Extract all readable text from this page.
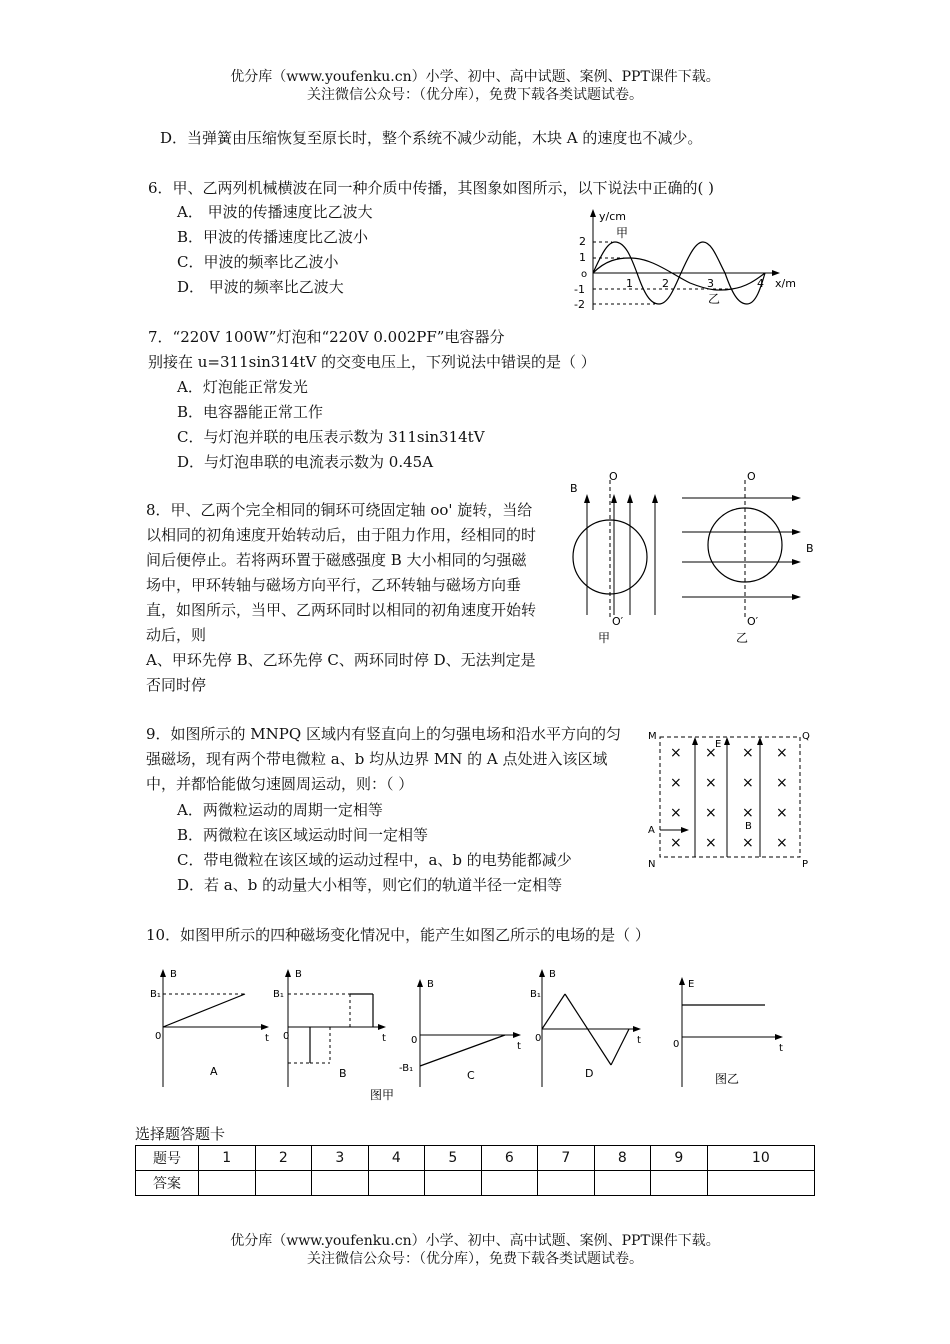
优分库（www.youfenku.cn）小学、初中、高中试题、案例、PPT课件下载。
关注微信公众号：（优分库），免费下载各类试题试卷。
D．当弹簧由压缩恢复至原长时，整个系统不减少动能，木块 A 的速度也不减少。
6．甲、乙两列机械横波在同一种介质中传播，其图象如图所示，以下说法中正确的( )
A． 甲波的传播速度比乙波大
B．甲波的传播速度比乙波小
C．甲波的频率比乙波小
D． 甲波的频率比乙波大
y/cm
x/m
2
1
o
-1
-2
1	2	3	4
甲
乙
7．“220V 100W”灯泡和“220V 0.002PF”电容器分
别接在 u=311sin314tV 的交变电压上，下列说法中错误的是（ ）
A．灯泡能正常发光
B．电容器能正常工作
C．与灯泡并联的电压表示数为 311sin314tV
D．与灯泡串联的电流表示数为 0.45A
8．甲、乙两个完全相同的铜环可绕固定轴 oo' 旋转，当给以相同的初角速度开始转动后，由于阻力作用，经相同的时间后便停止。若将两环置于磁感强度 B 大小相同的匀强磁场中，甲环转轴与磁场方向平行，乙环转轴与磁场方向垂直，如图所示，当甲、乙两环同时以相同的初角速度开始转动后，则
A、甲环先停 B、乙环先停 C、两环同时停 D、无法判定是否同时停
B
O
O′
甲
O
O′
B
乙
9．如图所示的 MNPQ 区域内有竖直向上的匀强电场和沿水平方向的匀强磁场，现有两个带电微粒 a、b 均从边界 MN 的 A 点处进入该区域中，并都恰能做匀速圆周运动，则：（ ）
A．两微粒运动的周期一定相等
B．两微粒在该区域运动时间一定相等
C．带电微粒在该区域的运动过程中，a、b 的电势能都减少
D．若 a、b 的动量大小相等，则它们的轨道半径一定相等
M	Q
N	P
E
× × × ×
× × × ×
× × × ×
× × × ×
B
A
10．如图甲所示的四种磁场变化情况中，能产生如图乙所示的电场的是（ ）
B
B₁
0	t
A
B
B₁
0	t
B
B
-B₁
0
t
C
B
B₁
0	t
D
E
0	t
图乙
图甲
选择题答题卡
题号	1	2	3	4	5	6	7	8	9	10
答案										
优分库（www.youfenku.cn）小学、初中、高中试题、案例、PPT课件下载。
关注微信公众号：（优分库），免费下载各类试题试卷。
